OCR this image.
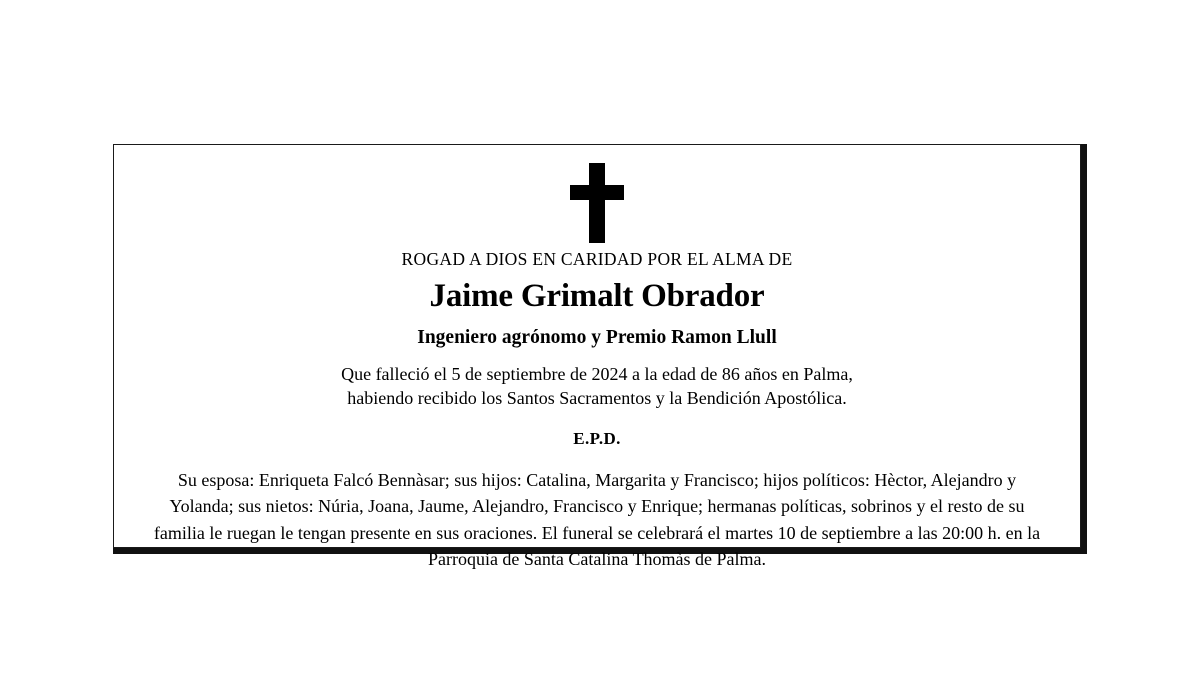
ROGAD A DIOS EN CARIDAD POR EL ALMA DE
Jaime Grimalt Obrador
Ingeniero agrónomo y Premio Ramon Llull
Que falleció el 5 de septiembre de 2024 a la edad de 86 años en Palma,
habiendo recibido los Santos Sacramentos y la Bendición Apostólica.
E.P.D.
Su esposa: Enriqueta Falcó Bennàsar; sus hijos: Catalina, Margarita y Francisco; hijos políticos: Hèctor, Alejandro y Yolanda; sus nietos: Núria, Joana, Jaume, Alejandro, Francisco y Enrique; hermanas políticas, sobrinos y el resto de su familia le ruegan le tengan presente en sus oraciones. El funeral se celebrará el martes 10 de septiembre a las 20:00 h. en la Parroquia de Santa Catalina Thomàs de Palma.
